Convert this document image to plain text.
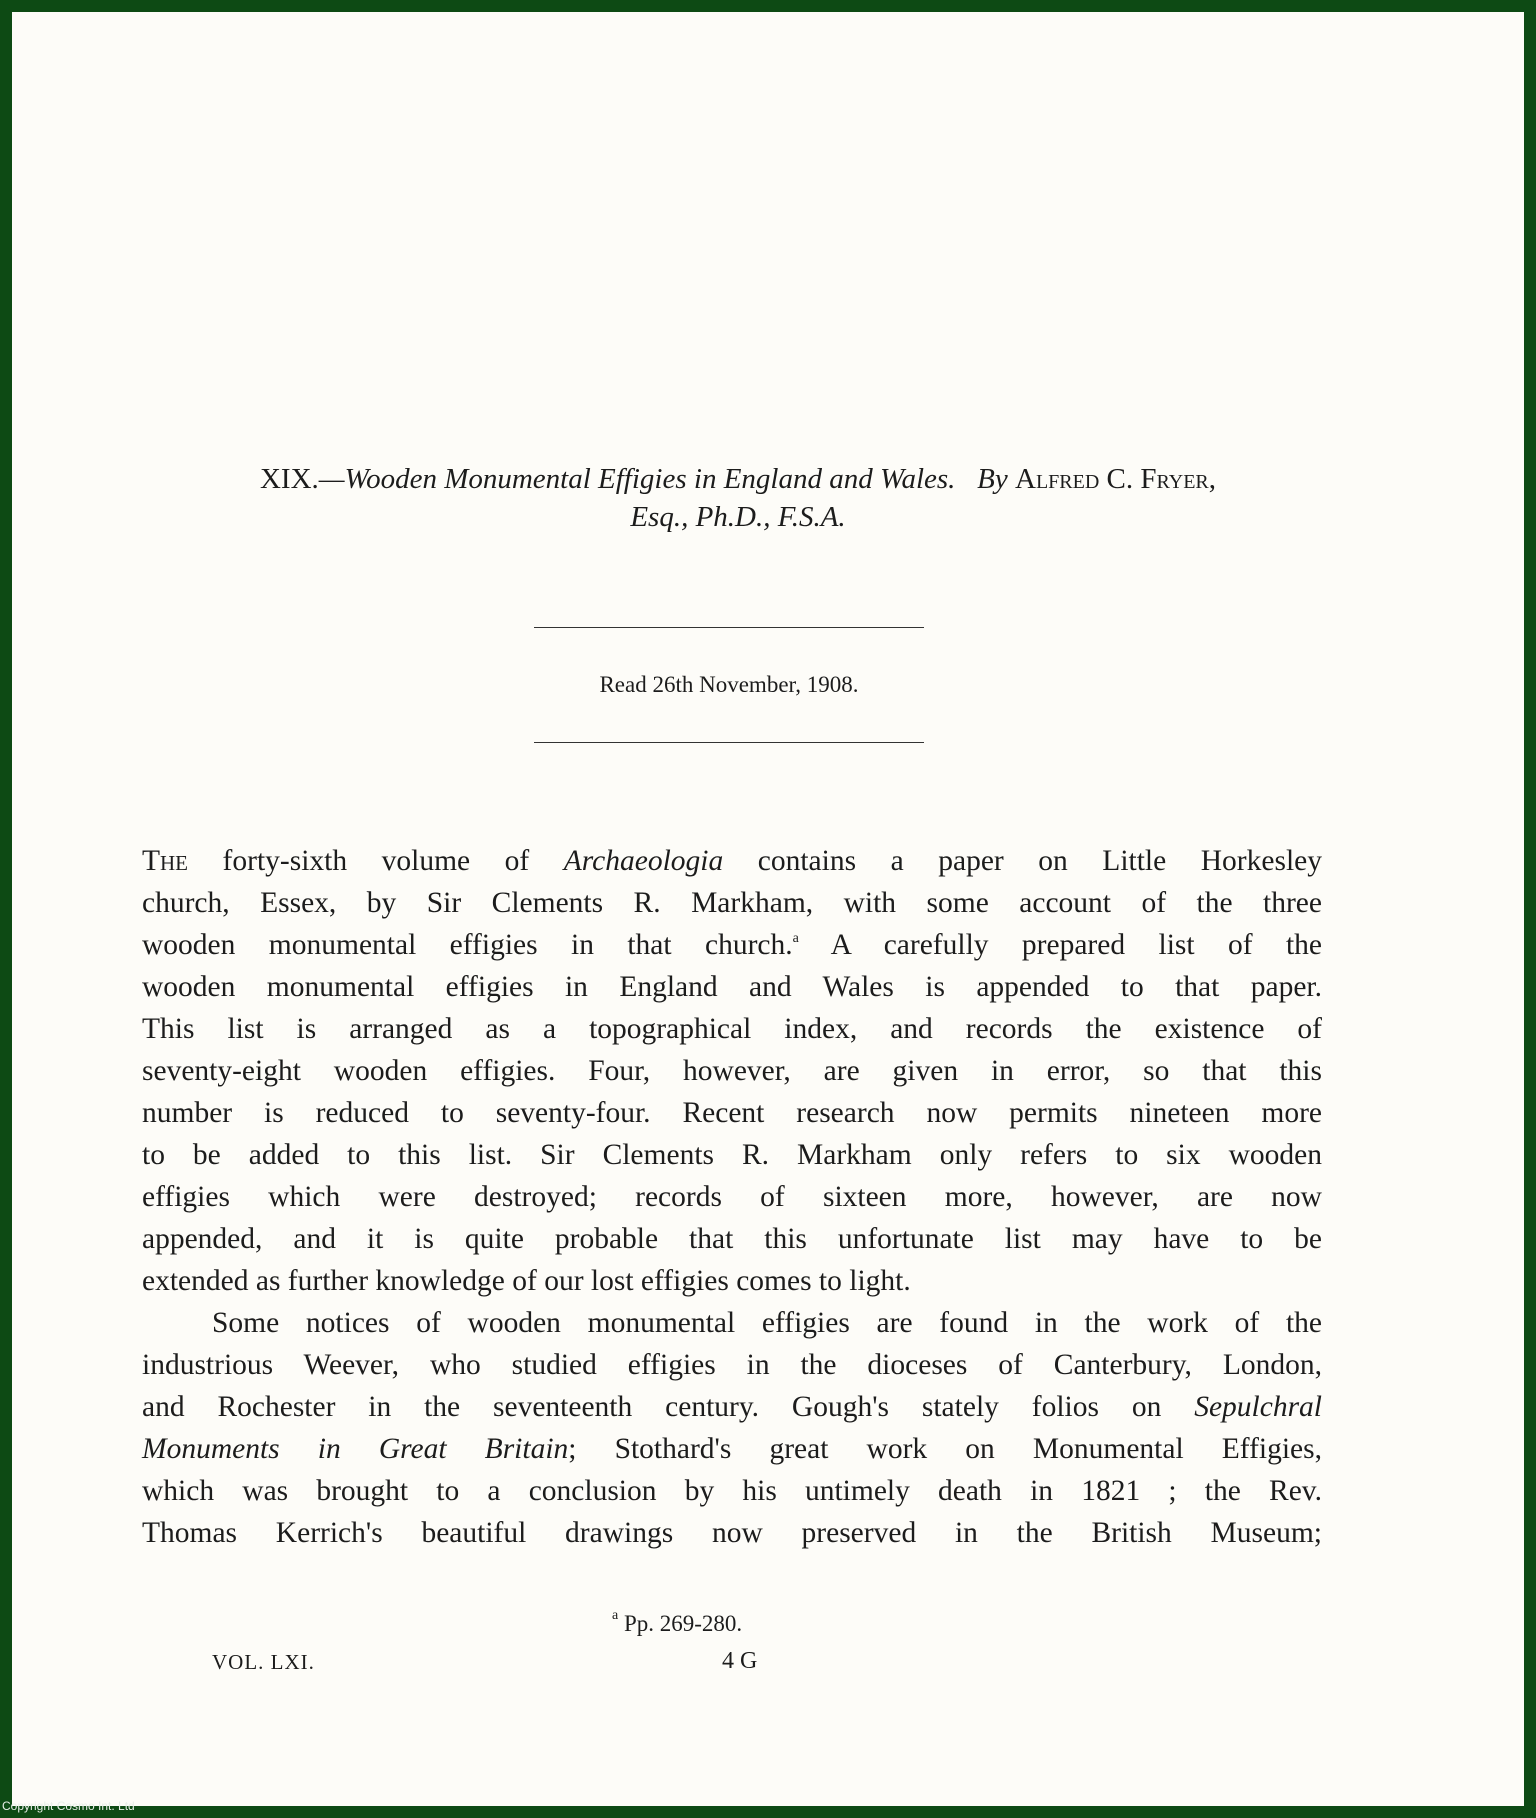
XIX.—Wooden Monumental Effigies in England and Wales. By Alfred C. Fryer,
Esq., Ph.D., F.S.A.
Read 26th November, 1908.

The forty-sixth volume of Archaeologia contains a paper on Little Horkesley
church, Essex, by Sir Clements R. Markham, with some account of the three
wooden monumental effigies in that church.$^a$ A carefully prepared list of the
wooden monumental effigies in England and Wales is appended to that paper.
This list is arranged as a topographical index, and records the existence of
seventy-eight wooden effigies. Four, however, are given in error, so that this
number is reduced to seventy-four. Recent research now permits nineteen more
to be added to this list. Sir Clements R. Markham only refers to six wooden
effigies which were destroyed; records of sixteen more, however, are now
appended, and it is quite probable that this unfortunate list may have to be
extended as further knowledge of our lost effigies comes to light.

Some notices of wooden monumental effigies are found in the work of the
industrious Weever, who studied effigies in the dioceses of Canterbury, London,
and Rochester in the seventeenth century. Gough's stately folios on Sepulchral
Monuments in Great Britain; Stothard's great work on Monumental Effigies,
which was brought to a conclusion by his untimely death in 1821 ; the Rev.
Thomas Kerrich's beautiful drawings now preserved in the British Museum;

$^a$ Pp. 269-280.
VOL. LXI.	4 G
Copyright Cosmo Int. Ltd
